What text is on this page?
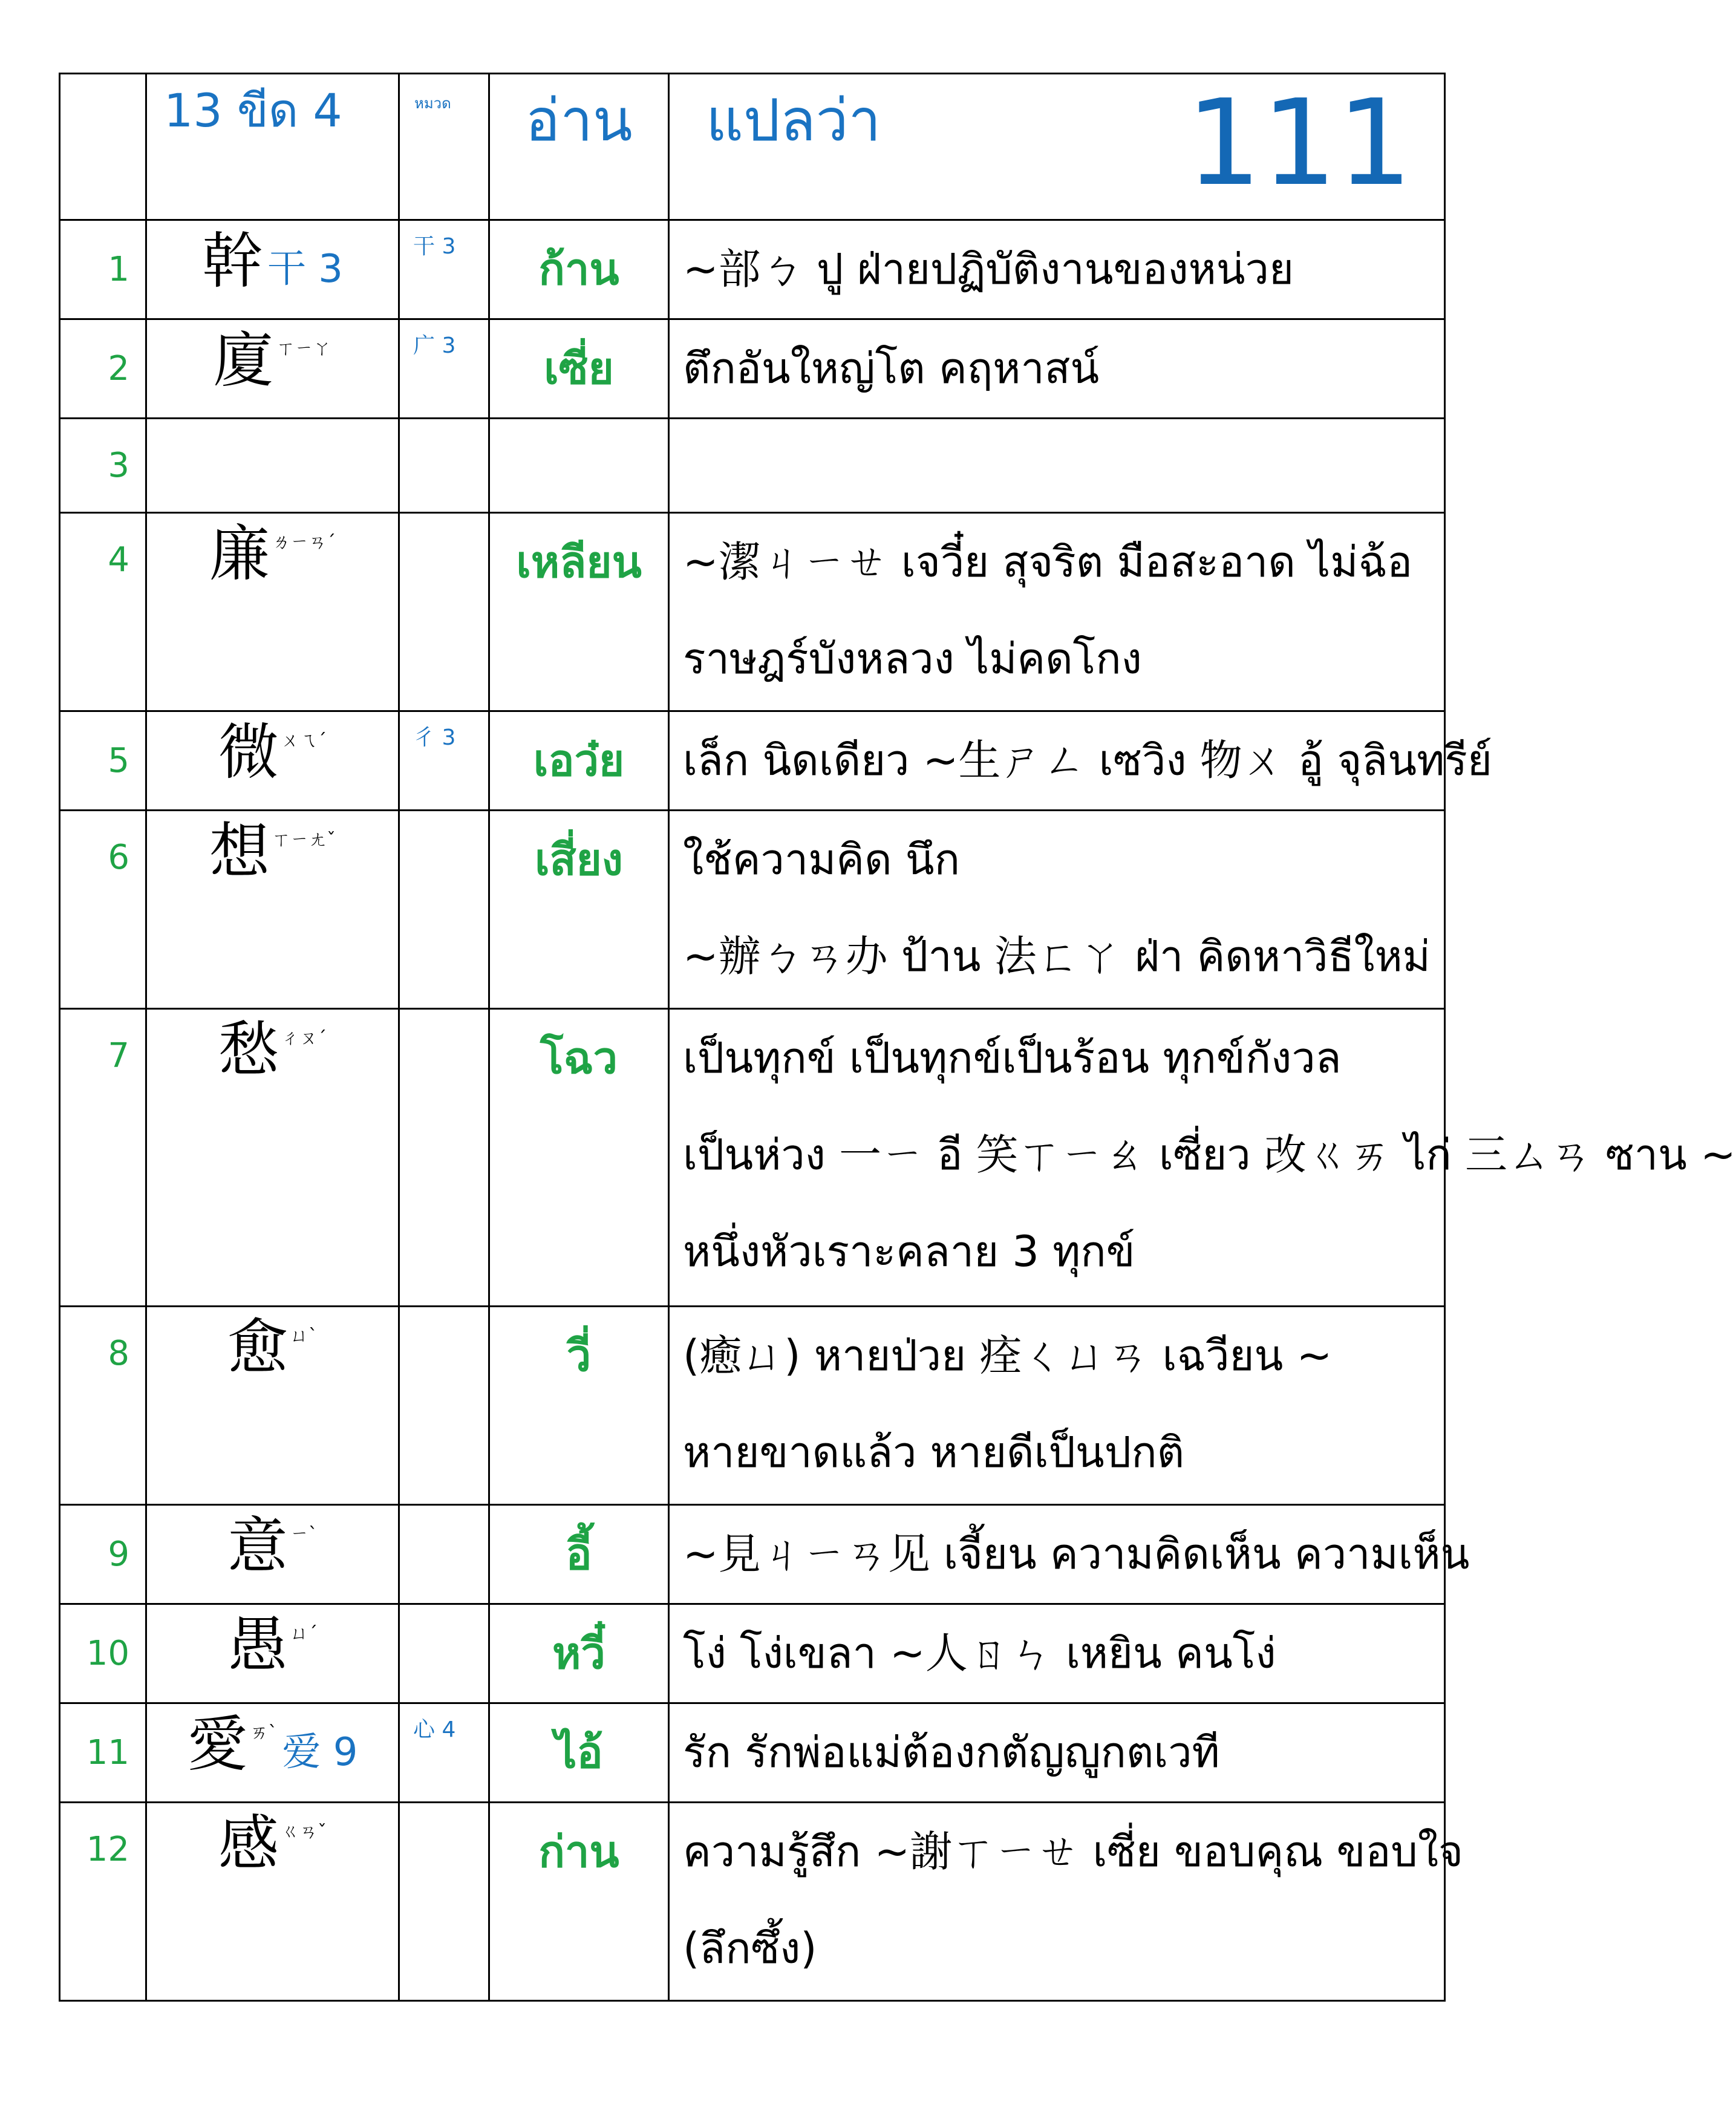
	13 ขีด 4	หมวด	อ่าน	แปลว่า 111

1	幹 干 3	干 3	ก้าน	~部ㄅ ปู ฝ่ายปฏิบัติงานของหน่วย

2	廈 ㄒㄧㄚ	广 3	เซี่ย	ตึกอันใหญ่โต คฤหาสน์

3				

4	廉 ㄌㄧㄢˊ		เหลียน	~潔ㄐㄧㄝ เจวี๋ย สุจริต มือสะอาด ไม่ฉ้อ
ราษฎร์บังหลวง ไม่คดโกง

5	微 ㄨㄟˊ	彳 3	เอว๋ย	เล็ก นิดเดียว ~生ㄕㄥ เซวิง 物ㄨ อู้ จุลินทรีย์

6	想 ㄒㄧㄤˇ		เสี่ยง	ใช้ความคิด นึก
~辦ㄅㄢ办 ป้าน 法ㄈㄚ ฝ่า คิดหาวิธีใหม่

7	愁 ㄔㄡˊ		โฉว	เป็นทุกข์ เป็นทุกข์เป็นร้อน ทุกข์กังวล
เป็นห่วง 一ㄧ อี 笑ㄒㄧㄠ เซี่ยว 改ㄍㄞ ไก่ 三ㄙㄢ ซาน ~
หนึ่งหัวเราะคลาย 3 ทุกข์

8	愈 ㄩˋ		วี่	(癒ㄩ) หายป่วย 痊ㄑㄩㄢ เฉวียน ~
หายขาดแล้ว หายดีเป็นปกติ

9	意 ㄧˋ		อี้	~見ㄐㄧㄢ见 เจี้ยน ความคิดเห็น ความเห็น

10	愚 ㄩˊ		หวี๋	โง่ โง่เขลา ~人ㄖㄣ เหยิน คนโง่

11	愛 ㄞˋ 爱 9	心 4	ไอ้	รัก รักพ่อแม่ต้องกตัญญูกตเวที

12	感 ㄍㄢˇ		ก่าน	ความรู้สึก ~謝ㄒㄧㄝ เซี่ย ขอบคุณ ขอบใจ
(ลึกซึ้ง)
